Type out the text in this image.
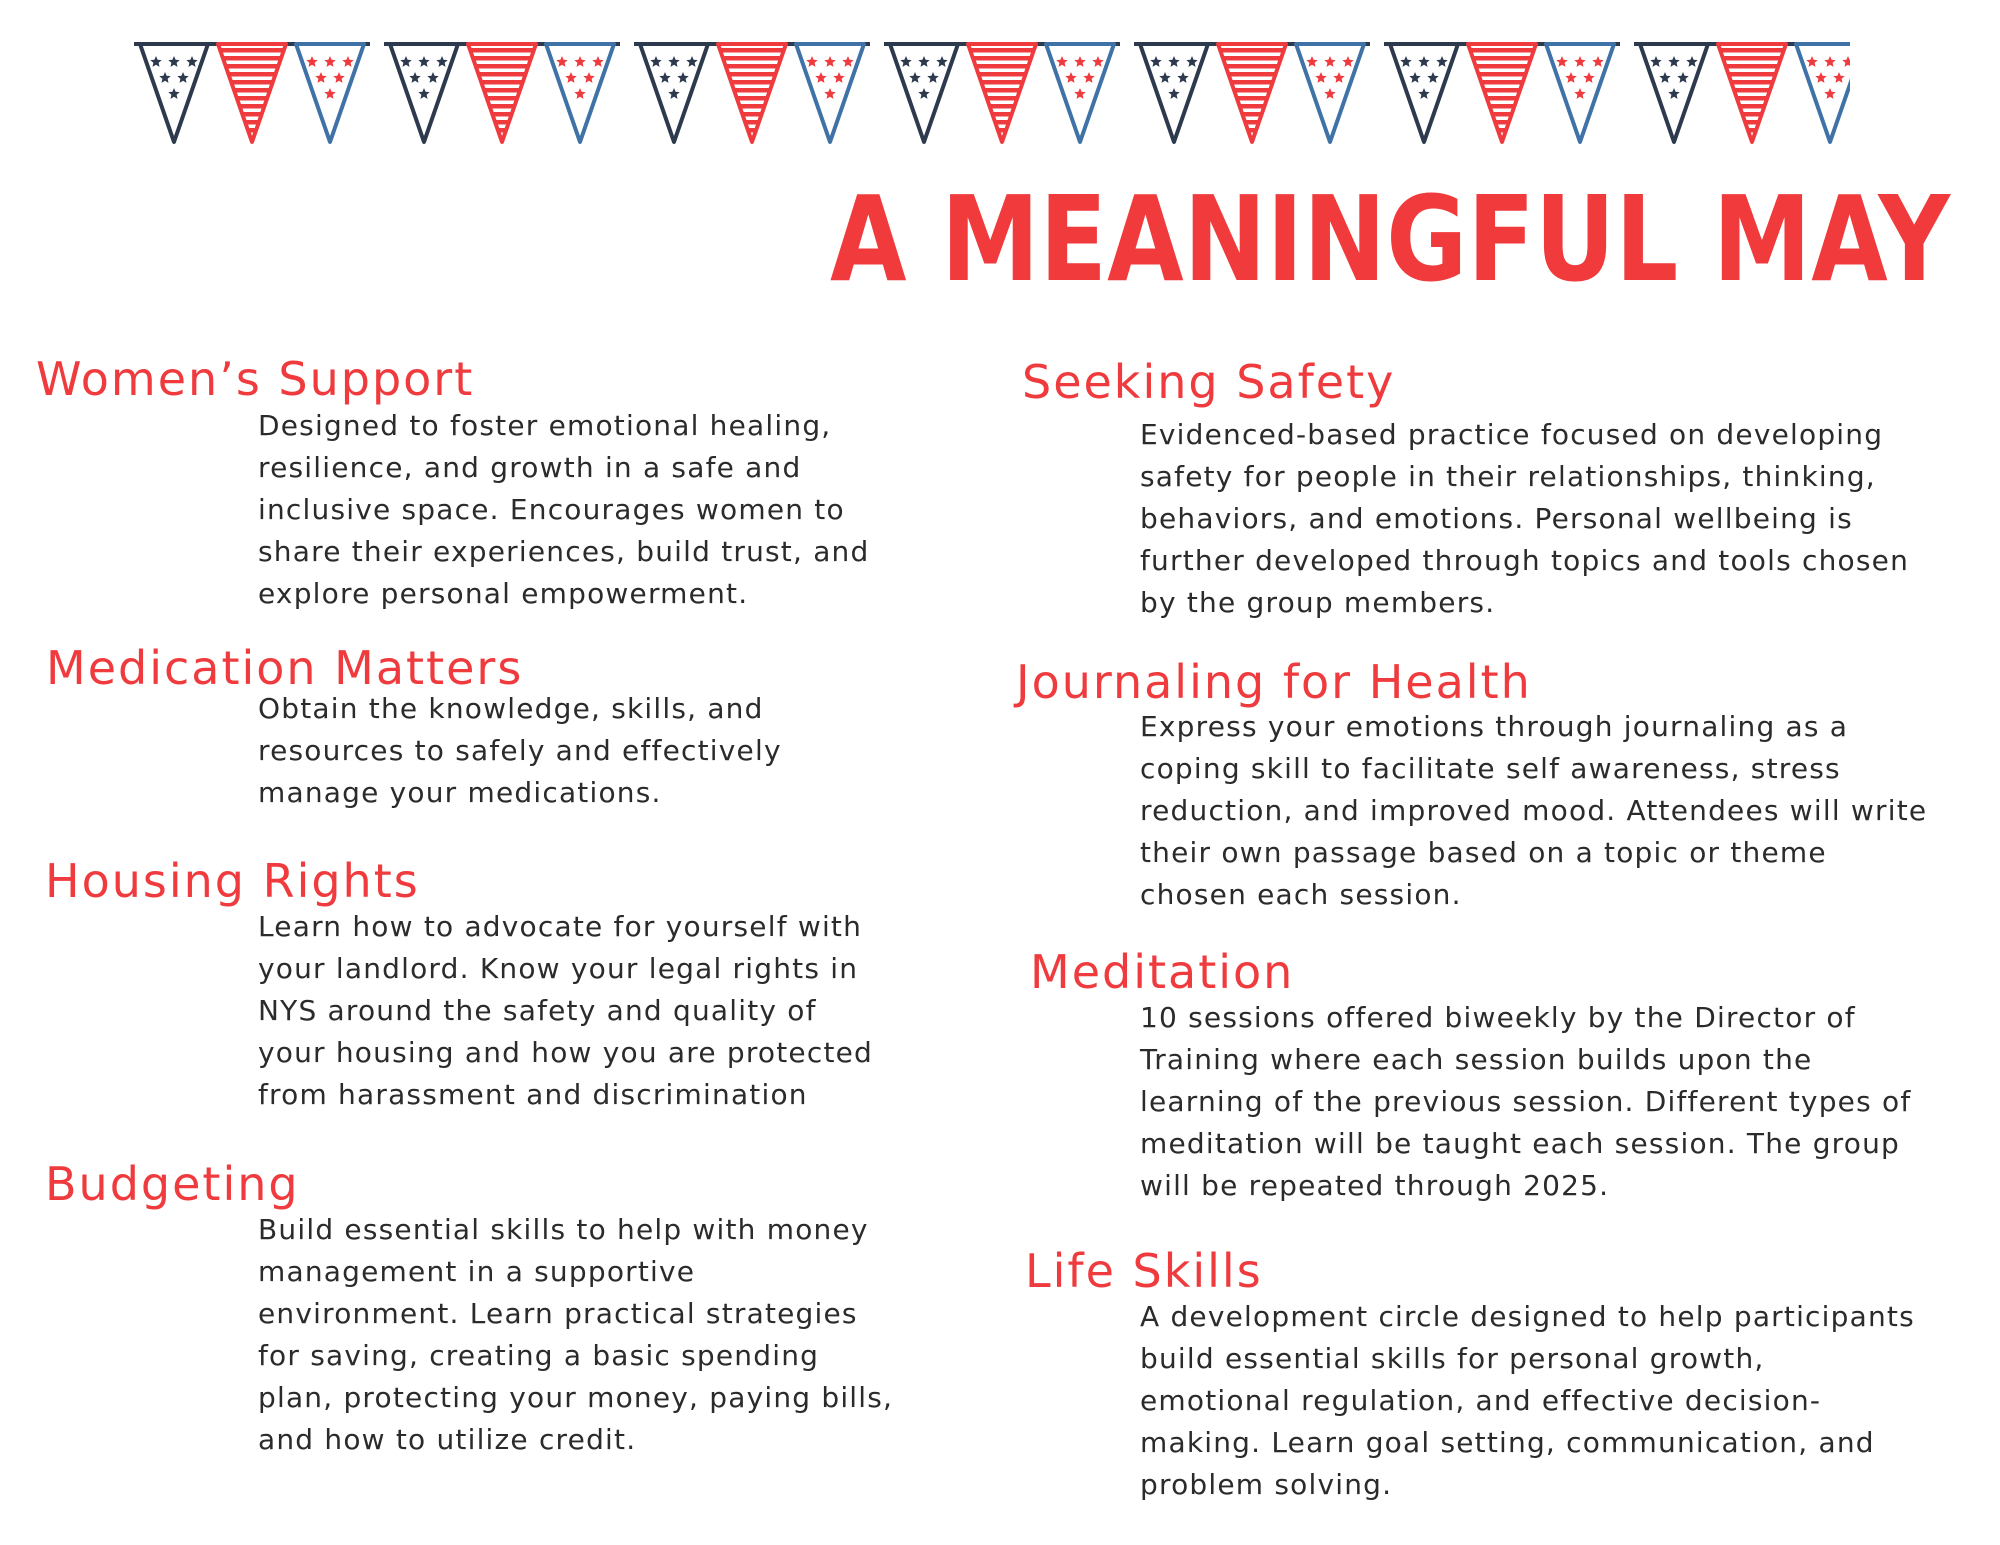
A MEANINGFUL MAY
Women’s Support

Designed to foster emotional healing,
resilience, and growth in a safe and
inclusive space. Encourages women to
share their experiences, build trust, and
explore personal empowerment.

Medication Matters

Obtain the knowledge, skills, and
resources to safely and effectively
manage your medications.

Housing Rights

Learn how to advocate for yourself with
your landlord. Know your legal rights in
NYS around the safety and quality of
your housing and how you are protected
from harassment and discrimination

Budgeting

Build essential skills to help with money
management in a supportive
environment. Learn practical strategies
for saving, creating a basic spending
plan, protecting your money, paying bills,
and how to utilize credit.

Seeking Safety

Evidenced-based practice focused on developing
safety for people in their relationships, thinking,
behaviors, and emotions. Personal wellbeing is
further developed through topics and tools chosen
by the group members.

Journaling for Health

Express your emotions through journaling as a
coping skill to facilitate self awareness, stress
reduction, and improved mood. Attendees will write
their own passage based on a topic or theme
chosen each session.

Meditation

10 sessions offered biweekly by the Director of
Training where each session builds upon the
learning of the previous session. Different types of
meditation will be taught each session. The group
will be repeated through 2025.

Life Skills

A development circle designed to help participants
build essential skills for personal growth,
emotional regulation, and effective decision-
making. Learn goal setting, communication, and
problem solving.
